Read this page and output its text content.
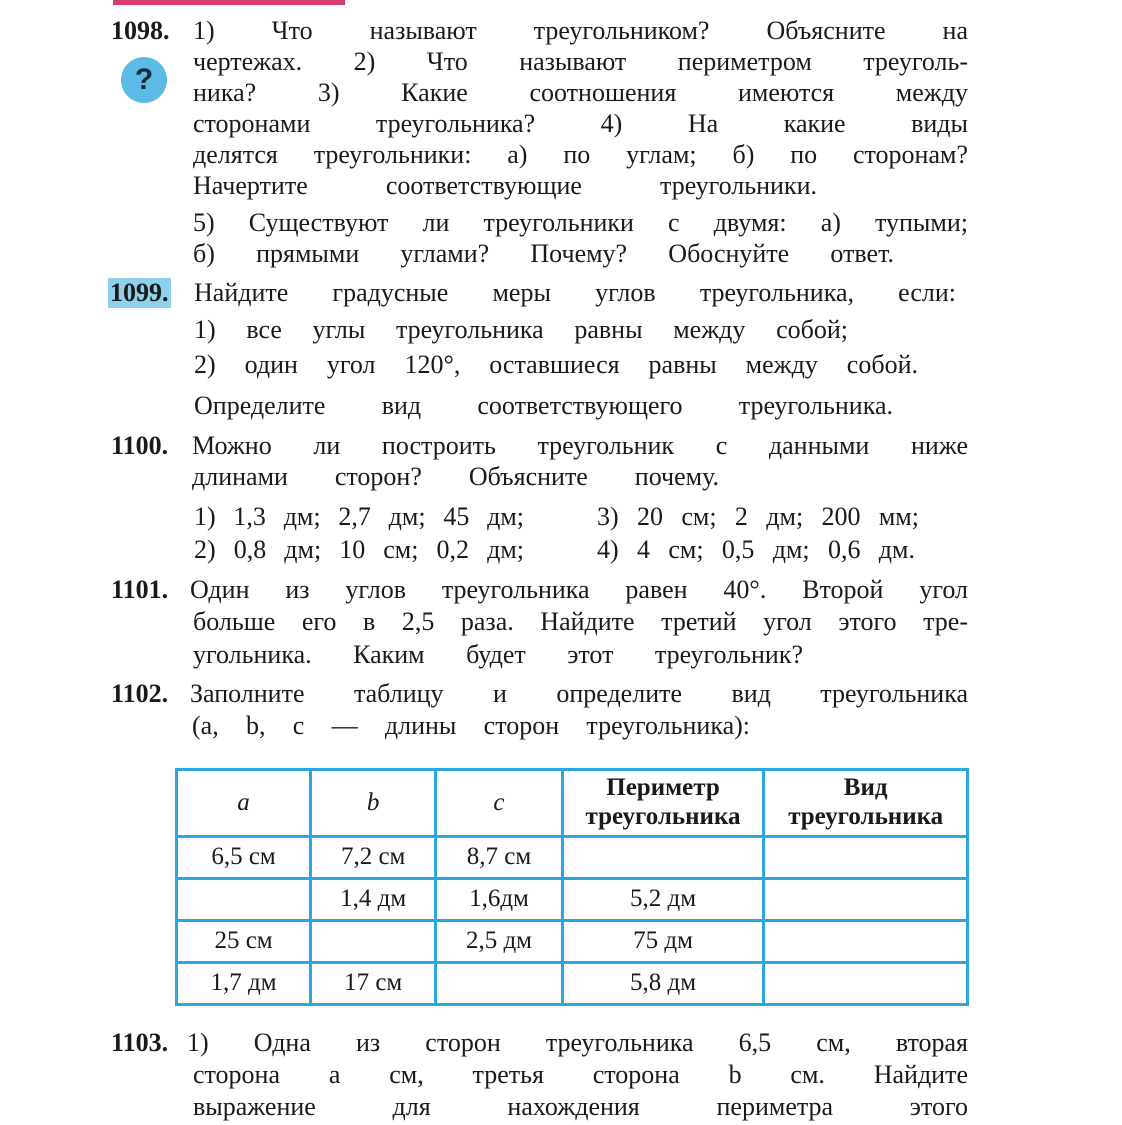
1098.
?
1) Что называют треугольником? Объясните на
чертежах. 2) Что называют периметром треуголь-
ника? 3) Какие соотношения имеются между
сторонами треугольника? 4) На какие виды
делятся треугольники: а) по углам; б) по сторонам?
Начертите соответствующие треугольники.
5) Существуют ли треугольники с двумя: а) тупыми;
б) прямыми углами? Почему? Обоснуйте ответ.
1099. Найдите градусные меры углов треугольника, если:
1) все углы треугольника равны между собой;
2) один угол 120°, оставшиеся равны между собой.
Определите вид соответствующего треугольника.
1100. Можно ли построить треугольник с данными ниже
длинами сторон? Объясните почему.
1) 1,3 дм; 2,7 дм; 45 дм;
2) 0,8 дм; 10 см; 0,2 дм;
3) 20 см; 2 дм; 200 мм;
4) 4 см; 0,5 дм; 0,6 дм.
1101. Один из углов треугольника равен 40°. Второй угол
больше его в 2,5 раза. Найдите третий угол этого тре-
угольника. Каким будет этот треугольник?
1102. Заполните таблицу и определите вид треугольника
(a, b, c — длины сторон треугольника):
a	b	c	Периметр треугольника	Вид треугольника
6,5 см	7,2 см	8,7 см		
	1,4 дм	1,6дм	5,2 дм	
25 см		2,5 дм	75 дм	
1,7 дм	17 см		5,8 дм	
1103. 1) Одна из сторон треугольника 6,5 см, вторая
сторона a см, третья сторона b см. Найдите
выражение для нахождения периметра этого
